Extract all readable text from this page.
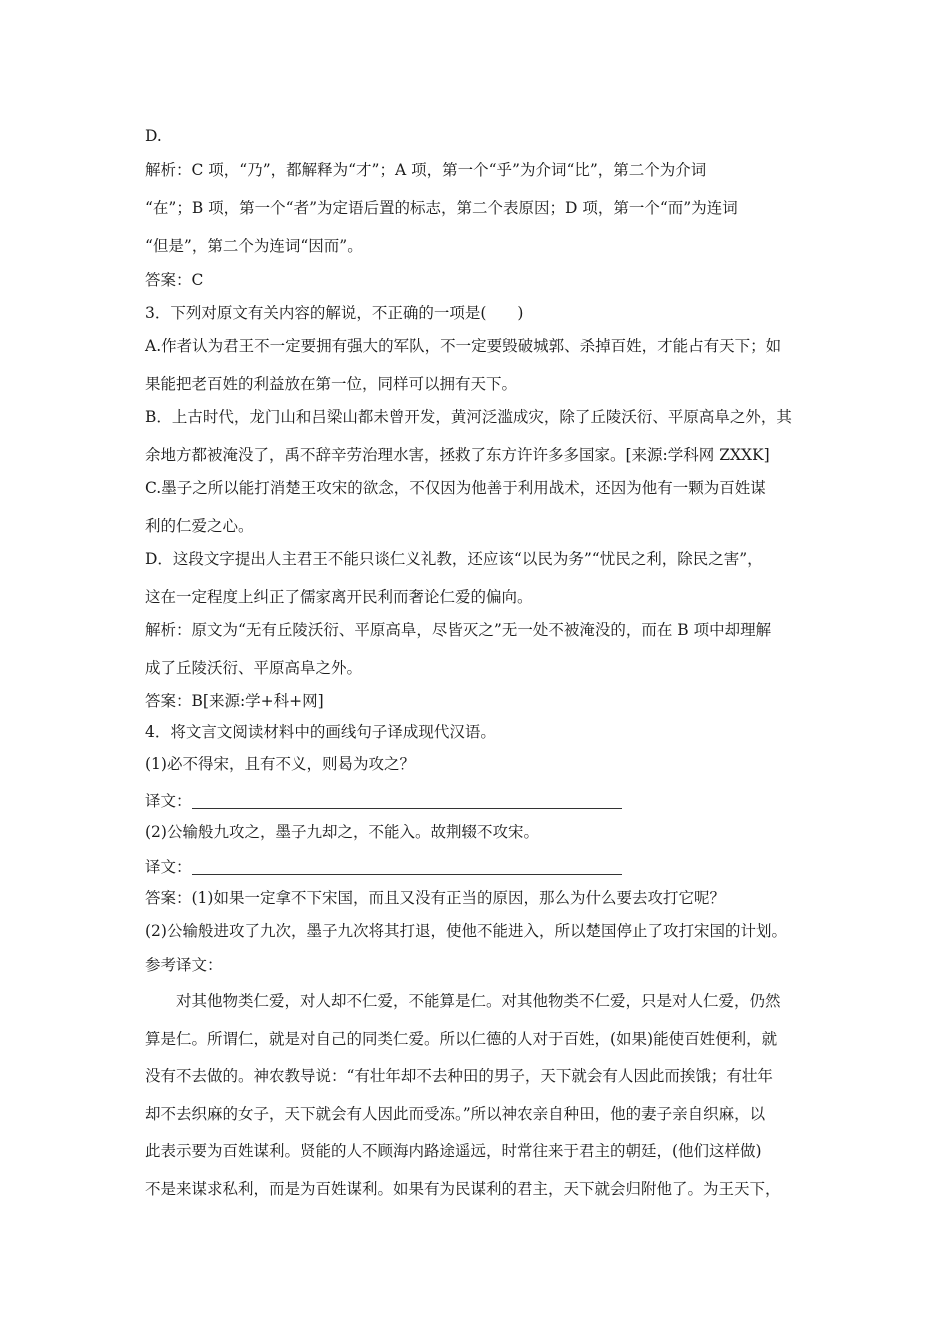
D.
解析：C 项，“乃”，都解释为“才”；A 项，第一个“乎”为介词“比”，第二个为介词
“在”；B 项，第一个“者”为定语后置的标志，第二个表原因；D 项，第一个“而”为连词
“但是”，第二个为连词“因而”。
答案：C
3．下列对原文有关内容的解说，不正确的一项是(　　)
A.作者认为君王不一定要拥有强大的军队，不一定要毁破城郭、杀掉百姓，才能占有天下；如
果能把老百姓的利益放在第一位，同样可以拥有天下。
B．上古时代，龙门山和吕梁山都未曾开发，黄河泛滥成灾，除了丘陵沃衍、平原高阜之外，其
余地方都被淹没了，禹不辞辛劳治理水害，拯救了东方许许多多国家。[来源:学科网 ZXXK]
C.墨子之所以能打消楚王攻宋的欲念，不仅因为他善于利用战术，还因为他有一颗为百姓谋
利的仁爱之心。
D．这段文字提出人主君王不能只谈仁义礼教，还应该“以民为务”“忧民之利，除民之害”，
这在一定程度上纠正了儒家离开民利而奢论仁爱的偏向。
解析：原文为“无有丘陵沃衍、平原高阜，尽皆灭之”无一处不被淹没的，而在 B 项中却理解
成了丘陵沃衍、平原高阜之外。
答案：B[来源:学+科+网]
4．将文言文阅读材料中的画线句子译成现代汉语。
(1)必不得宋，且有不义，则曷为攻之？
译文：
(2)公输般九攻之，墨子九却之，不能入。故荆辍不攻宋。
译文：
答案：(1)如果一定拿不下宋国，而且又没有正当的原因，那么为什么要去攻打它呢？
(2)公输般进攻了九次，墨子九次将其打退，使他不能进入，所以楚国停止了攻打宋国的计划。
参考译文：
对其他物类仁爱，对人却不仁爱，不能算是仁。对其他物类不仁爱，只是对人仁爱，仍然
算是仁。所谓仁，就是对自己的同类仁爱。所以仁德的人对于百姓，(如果)能使百姓便利，就
没有不去做的。神农教导说：“有壮年却不去种田的男子，天下就会有人因此而挨饿；有壮年
却不去织麻的女子，天下就会有人因此而受冻。”所以神农亲自种田，他的妻子亲自织麻，以
此表示要为百姓谋利。贤能的人不顾海内路途遥远，时常往来于君主的朝廷，(他们这样做)
不是来谋求私利，而是为百姓谋利。如果有为民谋利的君主，天下就会归附他了。为王天下，
